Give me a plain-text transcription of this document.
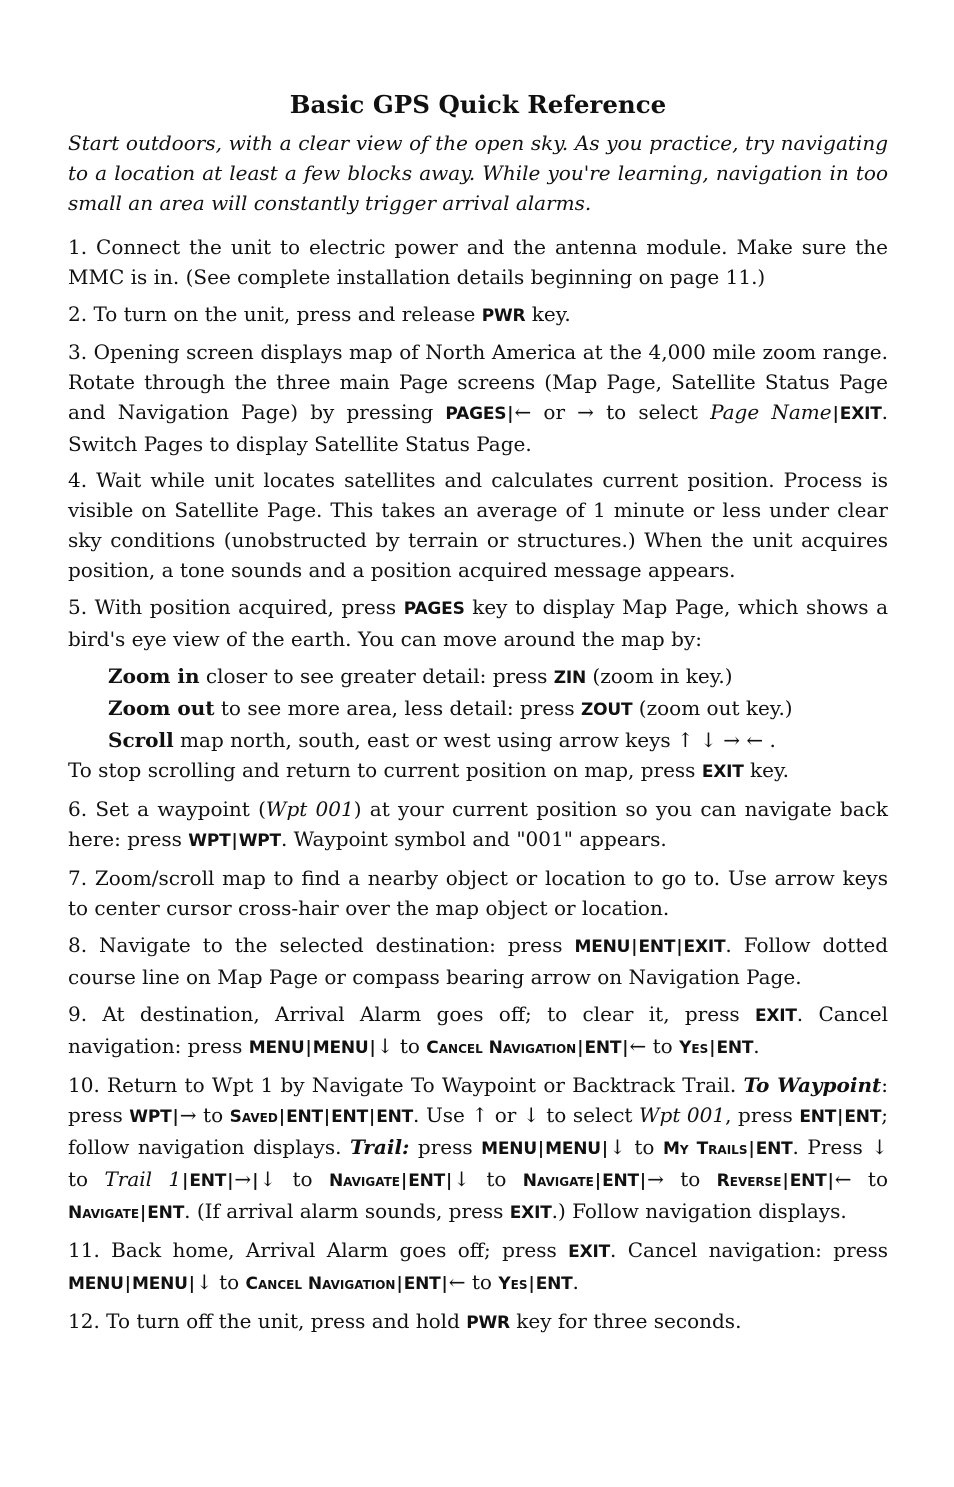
Basic GPS Quick Reference

Start outdoors, with a clear view of the open sky. As you practice, try navigating to a location at least a few blocks away. While you're learning, navigation in too small an area will constantly trigger arrival alarms.

1. Connect the unit to electric power and the antenna module. Make sure the MMC is in. (See complete installation details beginning on page 11.)

2. To turn on the unit, press and release PWR key.

3. Opening screen displays map of North America at the 4,000 mile zoom range. Rotate through the three main Page screens (Map Page, Satellite Status Page and Navigation Page) by pressing PAGES|← or → to select Page Name|EXIT. Switch Pages to display Satellite Status Page.

4. Wait while unit locates satellites and calculates current position. Process is visible on Satellite Page. This takes an average of 1 minute or less under clear sky conditions (unobstructed by terrain or structures.) When the unit acquires position, a tone sounds and a position acquired message appears.

5. With position acquired, press PAGES key to display Map Page, which shows a bird's eye view of the earth. You can move around the map by:

Zoom in closer to see greater detail: press ZIN (zoom in key.)
Zoom out to see more area, less detail: press ZOUT (zoom out key.)
Scroll map north, south, east or west using arrow keys ↑ ↓ → ← .

To stop scrolling and return to current position on map, press EXIT key.

6. Set a waypoint (Wpt 001) at your current position so you can navigate back here: press WPT|WPT. Waypoint symbol and "001" appears.

7. Zoom/scroll map to find a nearby object or location to go to. Use arrow keys to center cursor cross-hair over the map object or location.

8. Navigate to the selected destination: press MENU|ENT|EXIT. Follow dotted course line on Map Page or compass bearing arrow on Navigation Page.

9. At destination, Arrival Alarm goes off; to clear it, press EXIT. Cancel navigation: press MENU|MENU|↓ to Cancel Navigation|ENT|← to Yes|ENT.

10. Return to Wpt 1 by Navigate To Waypoint or Backtrack Trail. To Waypoint: press WPT|→ to Saved|ENT|ENT|ENT. Use ↑ or ↓ to select Wpt 001, press ENT|ENT; follow navigation displays. Trail: press MENU|MENU|↓ to My Trails|ENT. Press ↓ to Trail 1|ENT|→|↓ to Navigate|ENT|↓ to Navigate|ENT|→ to Reverse|ENT|← to Navigate|ENT. (If arrival alarm sounds, press EXIT.) Follow navigation displays.

11. Back home, Arrival Alarm goes off; press EXIT. Cancel navigation: press MENU|MENU|↓ to Cancel Navigation|ENT|← to Yes|ENT.

12. To turn off the unit, press and hold PWR key for three seconds.
